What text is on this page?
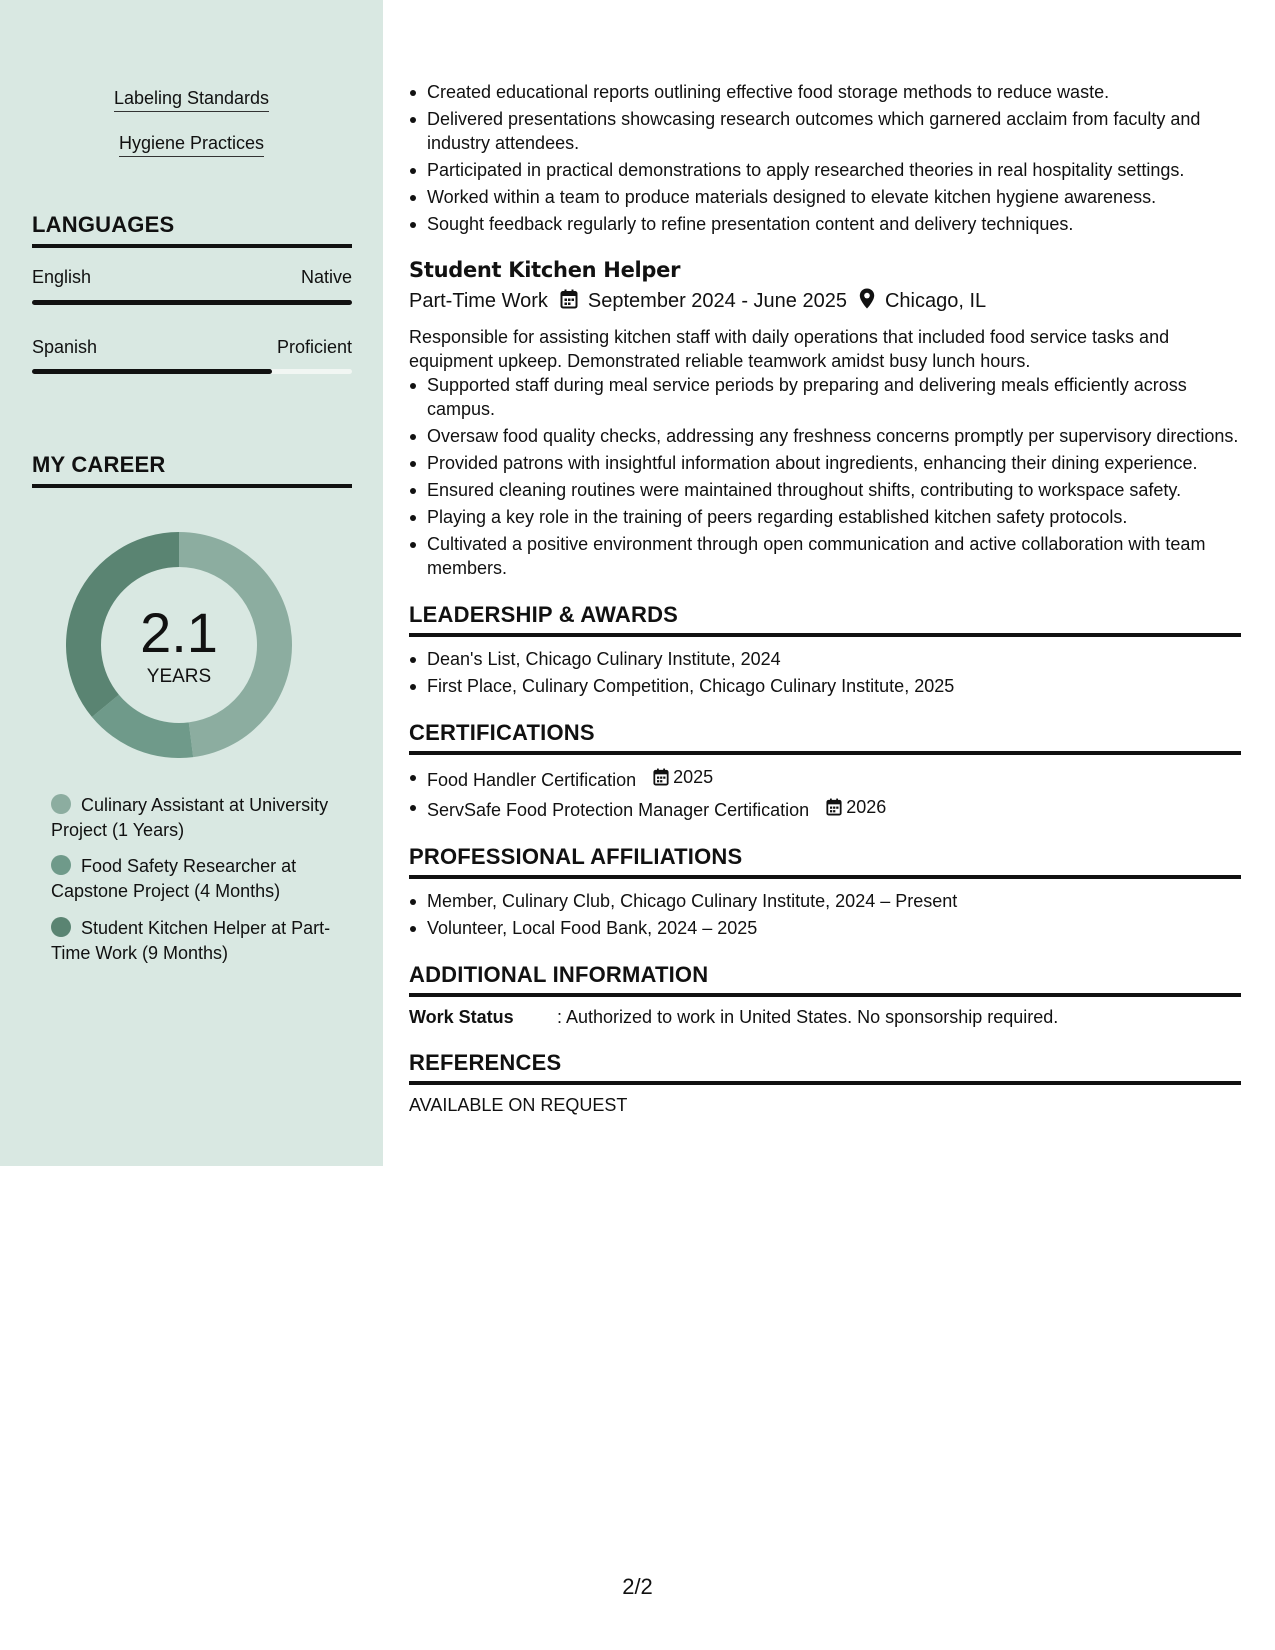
Labeling Standards
Hygiene Practices
LANGUAGES
English	Native
Spanish	Proficient
MY CAREER
2.1
YEARS
Culinary Assistant at University Project (1 Years)
Food Safety Researcher at Capstone Project (4 Months)
Student Kitchen Helper at Part-Time Work (9 Months)
Created educational reports outlining effective food storage methods to reduce waste.
Delivered presentations showcasing research outcomes which garnered acclaim from faculty and industry attendees.
Participated in practical demonstrations to apply researched theories in real hospitality settings.
Worked within a team to produce materials designed to elevate kitchen hygiene awareness.
Sought feedback regularly to refine presentation content and delivery techniques.
Student Kitchen Helper
Part-Time Work September 2024 - June 2025 Chicago, IL
Responsible for assisting kitchen staff with daily operations that included food service tasks and equipment upkeep. Demonstrated reliable teamwork amidst busy lunch hours.
Supported staff during meal service periods by preparing and delivering meals efficiently across campus.
Oversaw food quality checks, addressing any freshness concerns promptly per supervisory directions.
Provided patrons with insightful information about ingredients, enhancing their dining experience.
Ensured cleaning routines were maintained throughout shifts, contributing to workspace safety.
Playing a key role in the training of peers regarding established kitchen safety protocols.
Cultivated a positive environment through open communication and active collaboration with team members.
LEADERSHIP & AWARDS
Dean's List, Chicago Culinary Institute, 2024
First Place, Culinary Competition, Chicago Culinary Institute, 2025
CERTIFICATIONS
Food Handler Certification 2025
ServSafe Food Protection Manager Certification 2026
PROFESSIONAL AFFILIATIONS
Member, Culinary Club, Chicago Culinary Institute, 2024 – Present
Volunteer, Local Food Bank, 2024 – 2025
ADDITIONAL INFORMATION
Work Status	: Authorized to work in United States. No sponsorship required.
REFERENCES
AVAILABLE ON REQUEST
2/2
